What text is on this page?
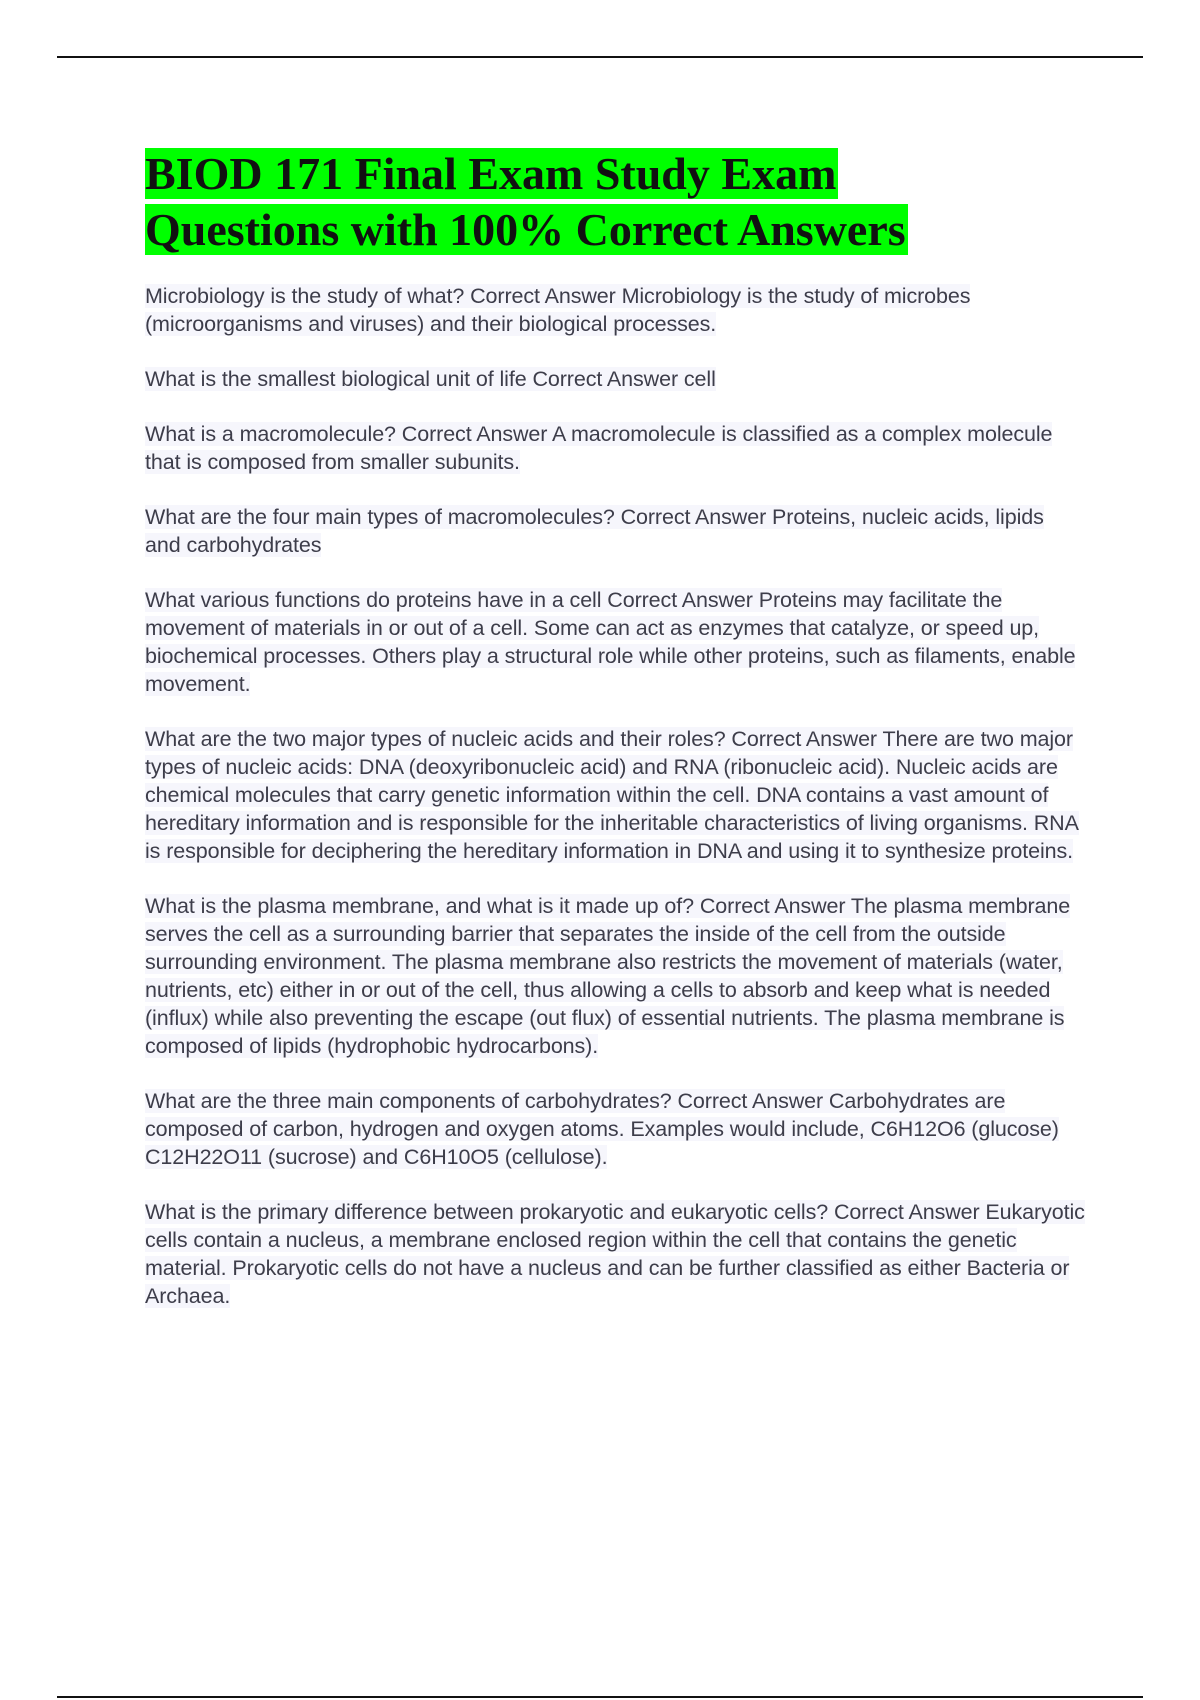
BIOD 171 Final Exam Study Exam
Questions with 100% Correct Answers

Microbiology is the study of what? Correct Answer Microbiology is the study of microbes (microorganisms and viruses) and their biological processes.

What is the smallest biological unit of life Correct Answer cell

What is a macromolecule? Correct Answer A macromolecule is classified as a complex molecule that is composed from smaller subunits.

What are the four main types of macromolecules? Correct Answer Proteins, nucleic acids, lipids and carbohydrates

What various functions do proteins have in a cell Correct Answer Proteins may facilitate the movement of materials in or out of a cell. Some can act as enzymes that catalyze, or speed up, biochemical processes. Others play a structural role while other proteins, such as filaments, enable movement.

What are the two major types of nucleic acids and their roles? Correct Answer There are two major types of nucleic acids: DNA (deoxyribonucleic acid) and RNA (ribonucleic acid). Nucleic acids are chemical molecules that carry genetic information within the cell. DNA contains a vast amount of hereditary information and is responsible for the inheritable characteristics of living organisms. RNA is responsible for deciphering the hereditary information in DNA and using it to synthesize proteins.

What is the plasma membrane, and what is it made up of? Correct Answer The plasma membrane serves the cell as a surrounding barrier that separates the inside of the cell from the outside surrounding environment. The plasma membrane also restricts the movement of materials (water, nutrients, etc) either in or out of the cell, thus allowing a cells to absorb and keep what is needed (influx) while also preventing the escape (out flux) of essential nutrients. The plasma membrane is composed of lipids (hydrophobic hydrocarbons).

What are the three main components of carbohydrates? Correct Answer Carbohydrates are composed of carbon, hydrogen and oxygen atoms. Examples would include, C6H12O6 (glucose) C12H22O11 (sucrose) and C6H10O5 (cellulose).

What is the primary difference between prokaryotic and eukaryotic cells? Correct Answer Eukaryotic cells contain a nucleus, a membrane enclosed region within the cell that contains the genetic material. Prokaryotic cells do not have a nucleus and can be further classified as either Bacteria or Archaea.
